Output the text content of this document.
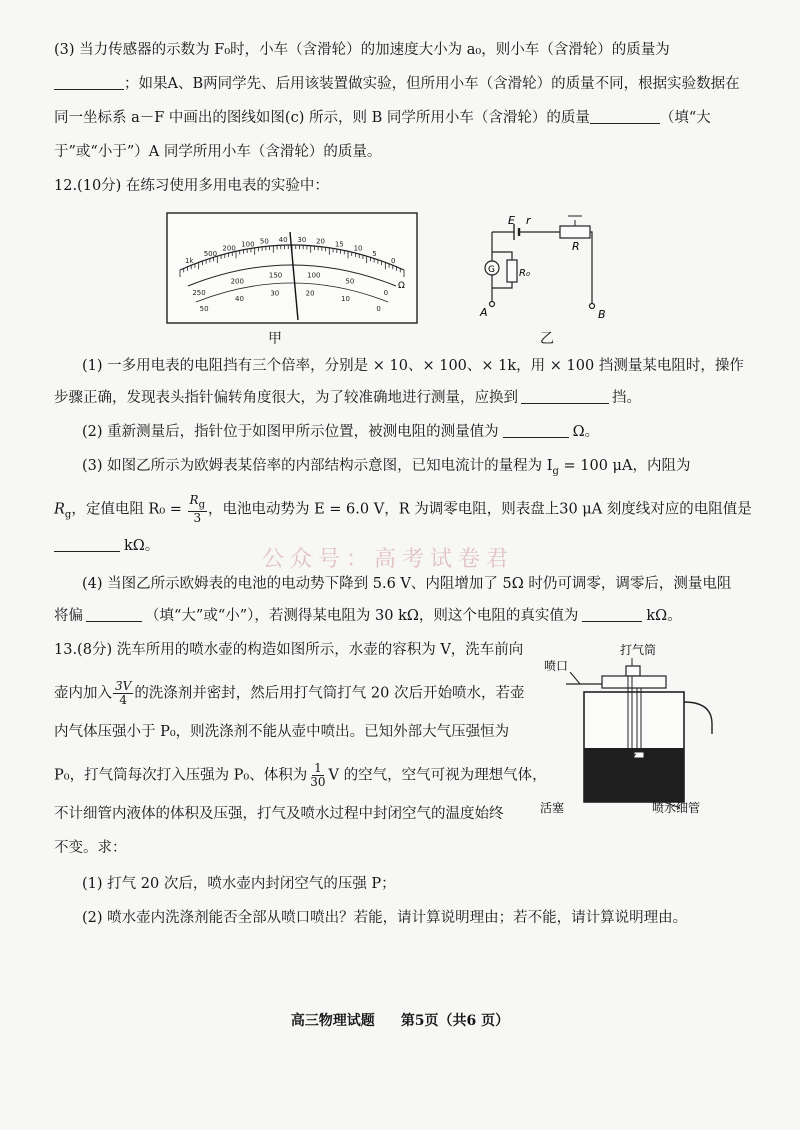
(3) 当力传感器的示数为 F₀时，小车（含滑轮）的加速度大小为 a₀，则小车（含滑轮）的质量为
；如果A、B两同学先、后用该装置做实验，但所用小车（含滑轮）的质量不同，根据实验数据在
同一坐标系 a－F 中画出的图线如图(c) 所示，则 B 同学所用小车（含滑轮）的质量	（填“大
于”或“小于”）A 同学所用小车（含滑轮）的质量。
12.(10分) 在练习使用多用电表的实验中：
1k
500
200
100 50 40 30 20 15
10
5
0
250
200
150	100
50
0
50
40
30	20
10
0
Ω
甲
G
E r
R
R₀
A	B
乙
(1) 一多用电表的电阻挡有三个倍率，分别是 × 10、× 100、× 1k，用 × 100 挡测量某电阻时，操作
步骤正确，发现表头指针偏转角度很大，为了较准确地进行测量，应换到	挡。
(2) 重新测量后，指针位于如图甲所示位置，被测电阻的测量值为	Ω。
(3) 如图乙所示为欧姆表某倍率的内部结构示意图，已知电流计的量程为 $I_g = 100$ μA，内阻为
$R_g$，定值电阻 $R_0 = \frac{R_g}{3}$ ，电池电动势为 E = 6.0 V，R 为调零电阻，则表盘上30 μA 刻度线对应的电阻值是
kΩ。
公众号：高考试卷君
(4) 当图乙所示欧姆表的电池的电动势下降到 5.6 V、内阻增加了 5Ω 时仍可调零，调零后，测量电阻
将偏	（填“大”或“小”），若测得某电阻为 30 kΩ，则这个电阻的真实值为	kΩ。
13.(8分) 洗车所用的喷水壶的构造如图所示，水壶的容积为 V，洗车前向
壶内加入 $\frac{3V}{4}$ 的洗涤剂并密封，然后用打气筒打气 20 次后开始喷水，若壶
内气体压强小于 P₀，则洗涤剂不能从壶中喷出。已知外部大气压强恒为
P₀，打气筒每次打入压强为 P₀、体积为 $\frac{1}{30}$ V 的空气，空气可视为理想气体，
不计细管内液体的体积及压强，打气及喷水过程中封闭空气的温度始终
不变。求：
(1) 打气 20 次后，喷水壶内封闭空气的压强 P；
(2) 喷水壶内洗涤剂能否全部从喷口喷出？若能，请计算说明理由；若不能，请计算说明理由。
打气筒
喷口
活塞	喷水细管
高三物理试题 第5页（共6 页）
